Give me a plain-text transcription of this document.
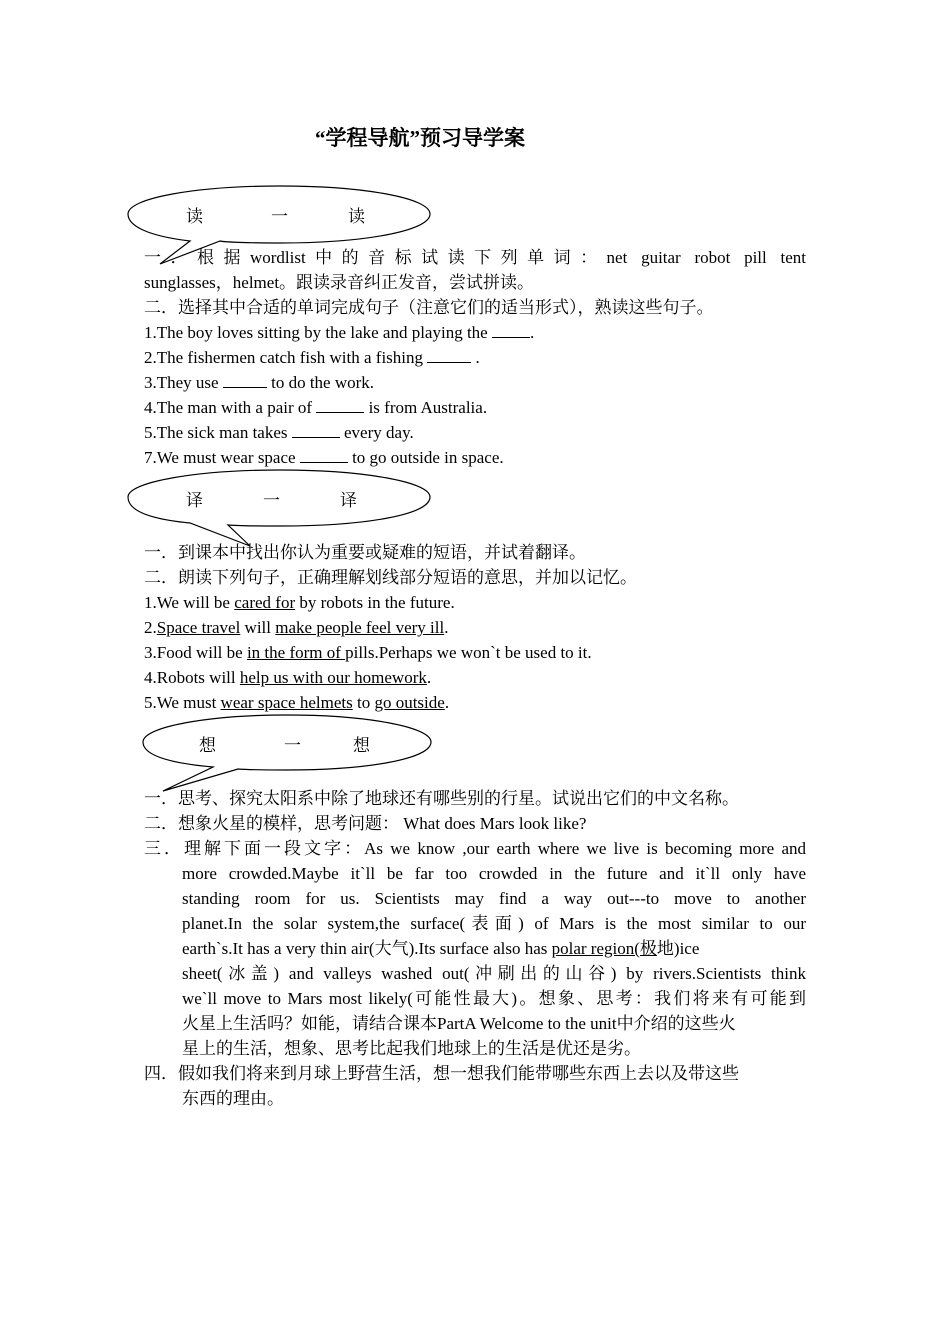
“学程导航”预习导学案
读	一	读
一．根据wordlist中的音标试读下列单词：net guitar robot pill tent
sunglasses，helmet。跟读录音纠正发音，尝试拼读。
二．选择其中合适的单词完成句子（注意它们的适当形式），熟读这些句子。
1.The boy loves sitting by the lake and playing the .
2.The fishermen catch fish with a fishing	.
3.They use	to do the work.
4.The man with a pair of	is from Australia.
5.The sick man takes	every day.
7.We must wear space	to go outside in space.
译	一	译
一．到课本中找出你认为重要或疑难的短语，并试着翻译。
二．朗读下列句子，正确理解划线部分短语的意思，并加以记忆。
1.We will be cared for by robots in the future.
2.Space travel will make people feel very ill.
3.Food will be in the form of pills.Perhaps we won`t be used to it.
4.Robots will help us with our homework.
5.We must wear space helmets to go outside.
想	一	想
一．思考、探究太阳系中除了地球还有哪些别的行星。试说出它们的中文名称。
二．想象火星的模样，思考问题： What does Mars look like?
三．理解下面一段文字：As we know ,our earth where we live is becoming more and
more crowded.Maybe it`ll be far too crowded in the future and it`ll only have
standing room for us. Scientists may find a way out---to move to another
planet.In the solar system,the surface(表面) of Mars is the most similar to our
earth`s.It has a very thin air(大气).Its surface also has polar region(极地)ice
sheet(冰盖) and valleys washed out(冲刷出的山谷) by rivers.Scientists think
we`ll move to Mars most likely(可能性最大)。想象、思考：我们将来有可能到
火星上生活吗？如能，请结合课本PartA Welcome to the unit中介绍的这些火
星上的生活，想象、思考比起我们地球上的生活是优还是劣。
四．假如我们将来到月球上野营生活，想一想我们能带哪些东西上去以及带这些
东西的理由。
